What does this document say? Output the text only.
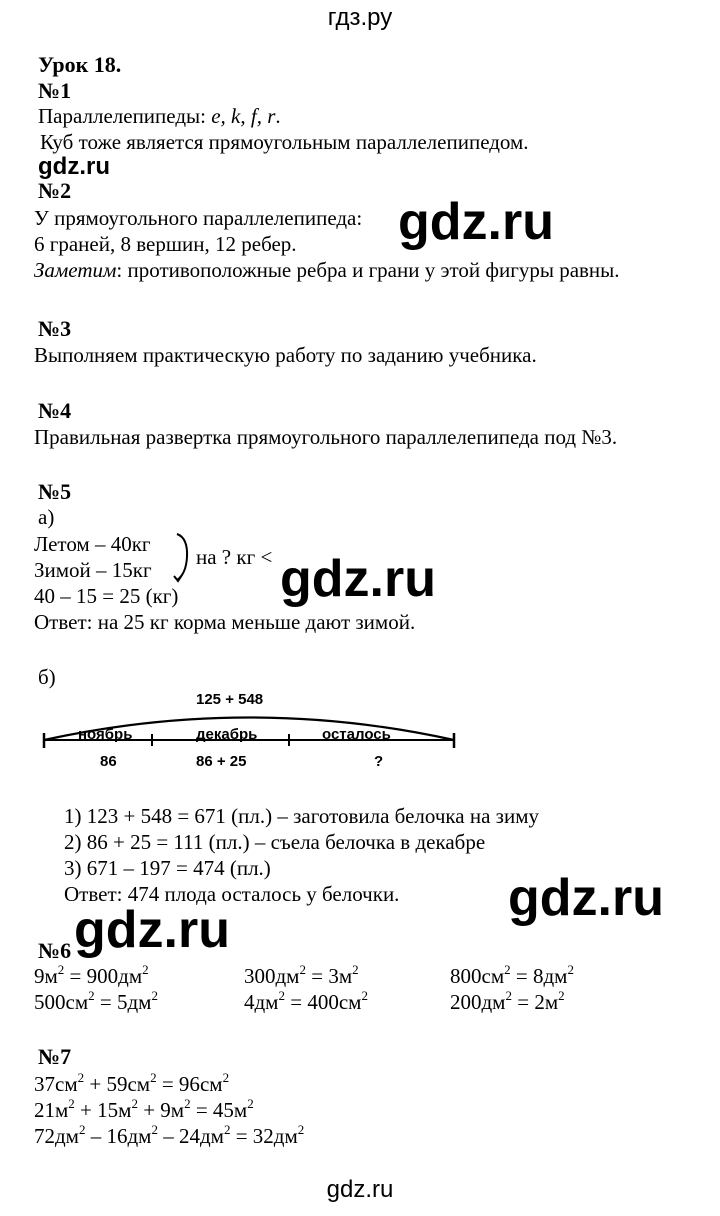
гдз.ру
Урок 18.
№1
Параллелепипеды: e, k, f, r.
Куб тоже является прямоугольным параллелепипедом.
gdz.ru
№2
У прямоугольного параллелепипеда:
6 граней, 8 вершин, 12 ребер.
Заметим: противоположные ребра и грани у этой фигуры равны.
gdz.ru
№3
Выполняем практическую работу по заданию учебника.
№4
Правильная развертка прямоугольного параллелепипеда под №3.
№5
а)
Летом – 40кг
Зимой – 15кг
на ? кг <
40 – 15 = 25 (кг)
Ответ: на 25 кг корма меньше дают зимой.
gdz.ru
б)
125 + 548
ноябрь	декабрь	осталось
86	86 + 25	?
1) 123 + 548 = 671 (пл.) – заготовила белочка на зиму
2) 86 + 25 = 111 (пл.) – съела белочка в декабре
3) 671 – 197 = 474 (пл.)
Ответ: 474 плода осталось у белочки. gdz.ru
№6 gdz.ru
$9м^2 = 900дм^2$	$300дм^2 = 3м^2$	$800см^2 = 8дм^2$
$500см^2 = 5дм^2$	$4дм^2 = 400см^2$	$200дм^2 = 2м^2$
№7
$37см^2 + 59см^2 = 96см^2$
$21м^2 + 15м^2 + 9м^2 = 45м^2$
$72дм^2 - 16дм^2 - 24дм^2 = 32дм^2$
gdz.ru
